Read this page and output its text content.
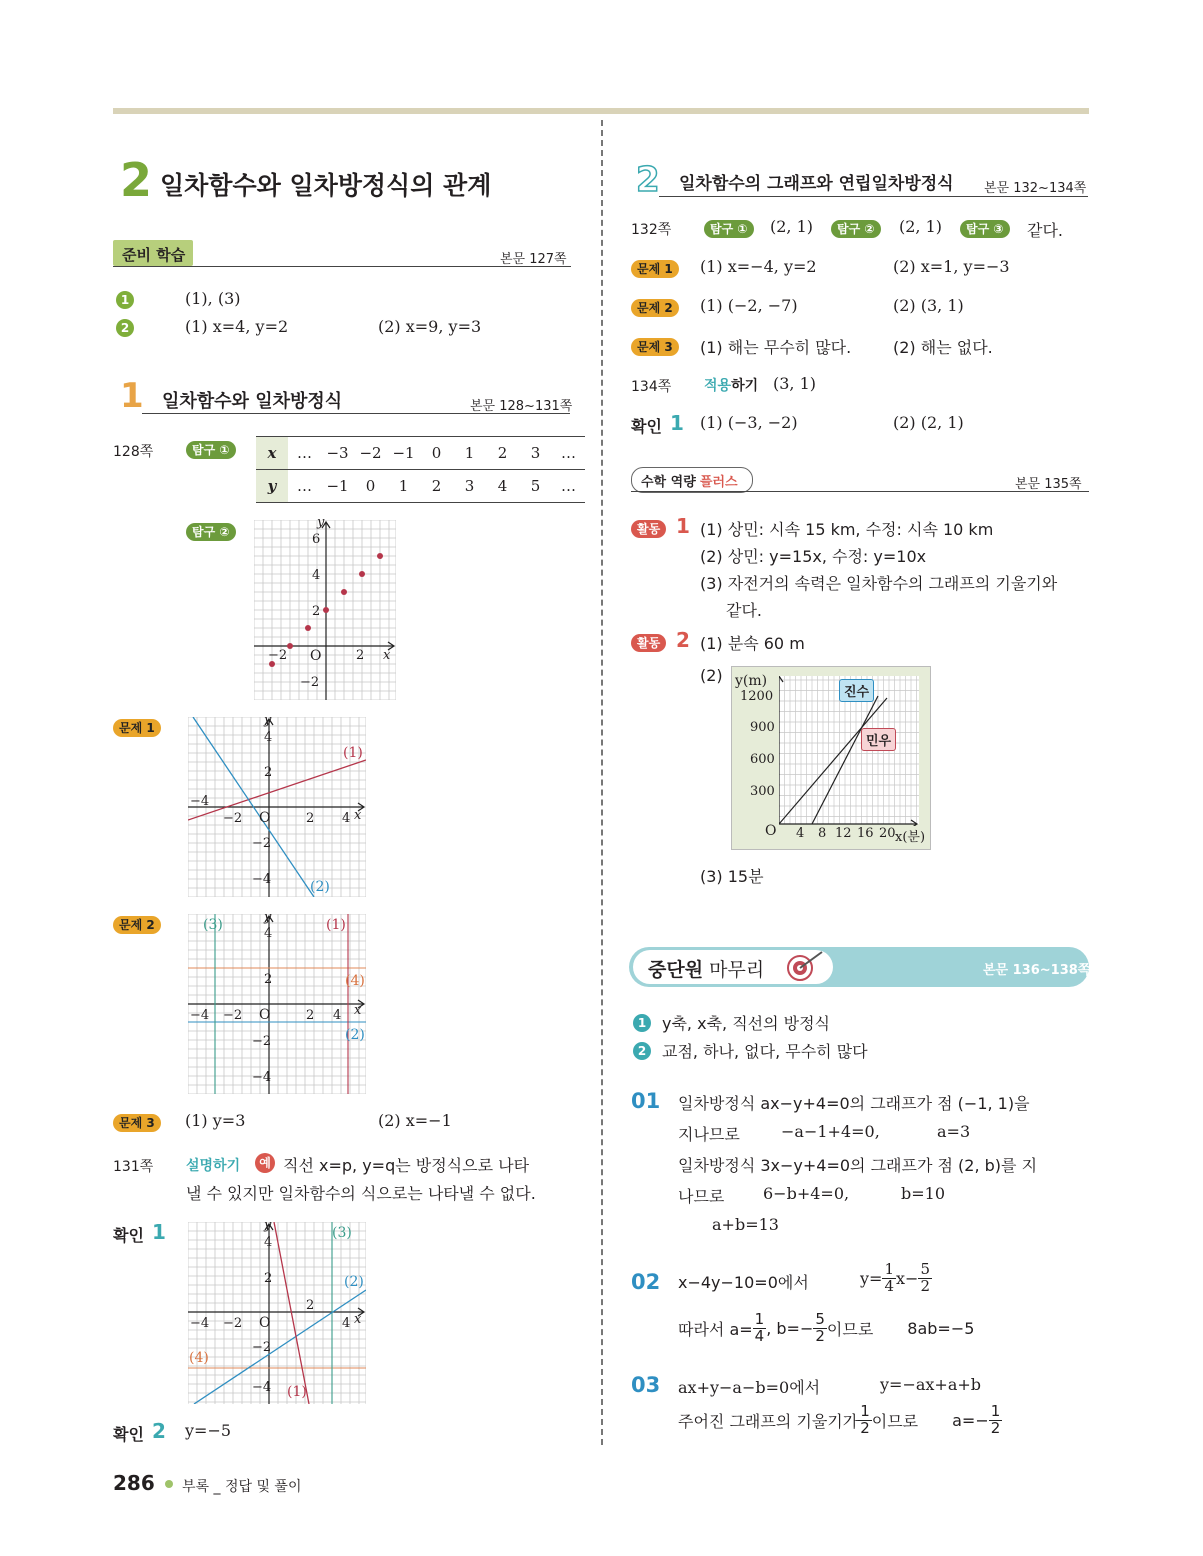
2 일차함수와 일차방정식의 관계
준비 학습	본문 127쪽
1	(1), (3)
2	(1) x=4, y=2	(2) x=9, y=3
1 일차함수와 일차방정식	본문 128~131쪽
128쪽	탐구 ①	x	…	−3	−2	−1	0	1	2	3	…
y	…	−1	0	1	2	3	4	5	…
탐구 ②
y
6
4
2
−2 O	2 x
−2
문제 1	y
4
2
−4
−2 O	2 4 x
−2
−4
(1)
(2)
문제 2	y
4
2
−4 −2 O	2 4 x
−2
−4
(3)	(1)
(4)
(2)
문제 3	(1) y=3	(2) x=−1
131쪽 설명하기	예 직선 x=p, y=q는 방정식으로 나타
낼 수 있지만 일차함수의 식으로는 나타낼 수 없다.
확인 1	y
4
2
2
−4 −2 O	4 x
−2
−4
(3)
(2)
(4)
(1)
확인 2 y=−5
286 부록 _ 정답 및 풀이
2 일차함수의 그래프와 연립일차방정식 본문 132~134쪽
132쪽	탐구 ①	(2, 1)	탐구 ②	(2, 1)	탐구 ③	같다.
문제 1	(1) x=−4, y=2	(2) x=1, y=−3
문제 2	(1) (−2, −7)	(2) (3, 1)
문제 3	(1) 해는 무수히 많다.	(2) 해는 없다.
134쪽 적용하기 (3, 1)
확인 1 (1) (−3, −2)	(2) (2, 1)
수학 역량 플러스	본문 135쪽
활동 1 (1) 상민: 시속 15 km, 수정: 시속 10 km
(2) 상민: y=15x, 수정: y=10x
(3) 자전거의 속력은 일차함수의 그래프의 기울기와
같다.
활동 2 (1) 분속 60 m
(2) y(m)
1200
900
600
300
O 4 8 12 16 20 x(분)
진수
민우
(3) 15분
중단원 마무리	본문 136~138쪽
1 y축, x축, 직선의 방정식
2 교점, 하나, 없다, 무수히 많다
01 일차방정식 ax−y+4=0의 그래프가 점 (−1, 1)을
지나므로	−a−1+4=0,	a=3
일차방정식 3x−y+4=0의 그래프가 점 (2, b)를 지
나므로 6−b+4=0,	b=10
a+b=13
02 x−4y−10=0에서	$y= \frac{1}{4} x- \frac{5}{2}$
따라서 $a= \frac{1}{4}$ , $b=- \frac{5}{2}$ 이므로 8ab=−5
03 ax+y−a−b=0에서	y=−ax+a+b
주어진 그래프의 기울기가 $\frac{1}{2}$ 이므로 $a=- \frac{1}{2}$
